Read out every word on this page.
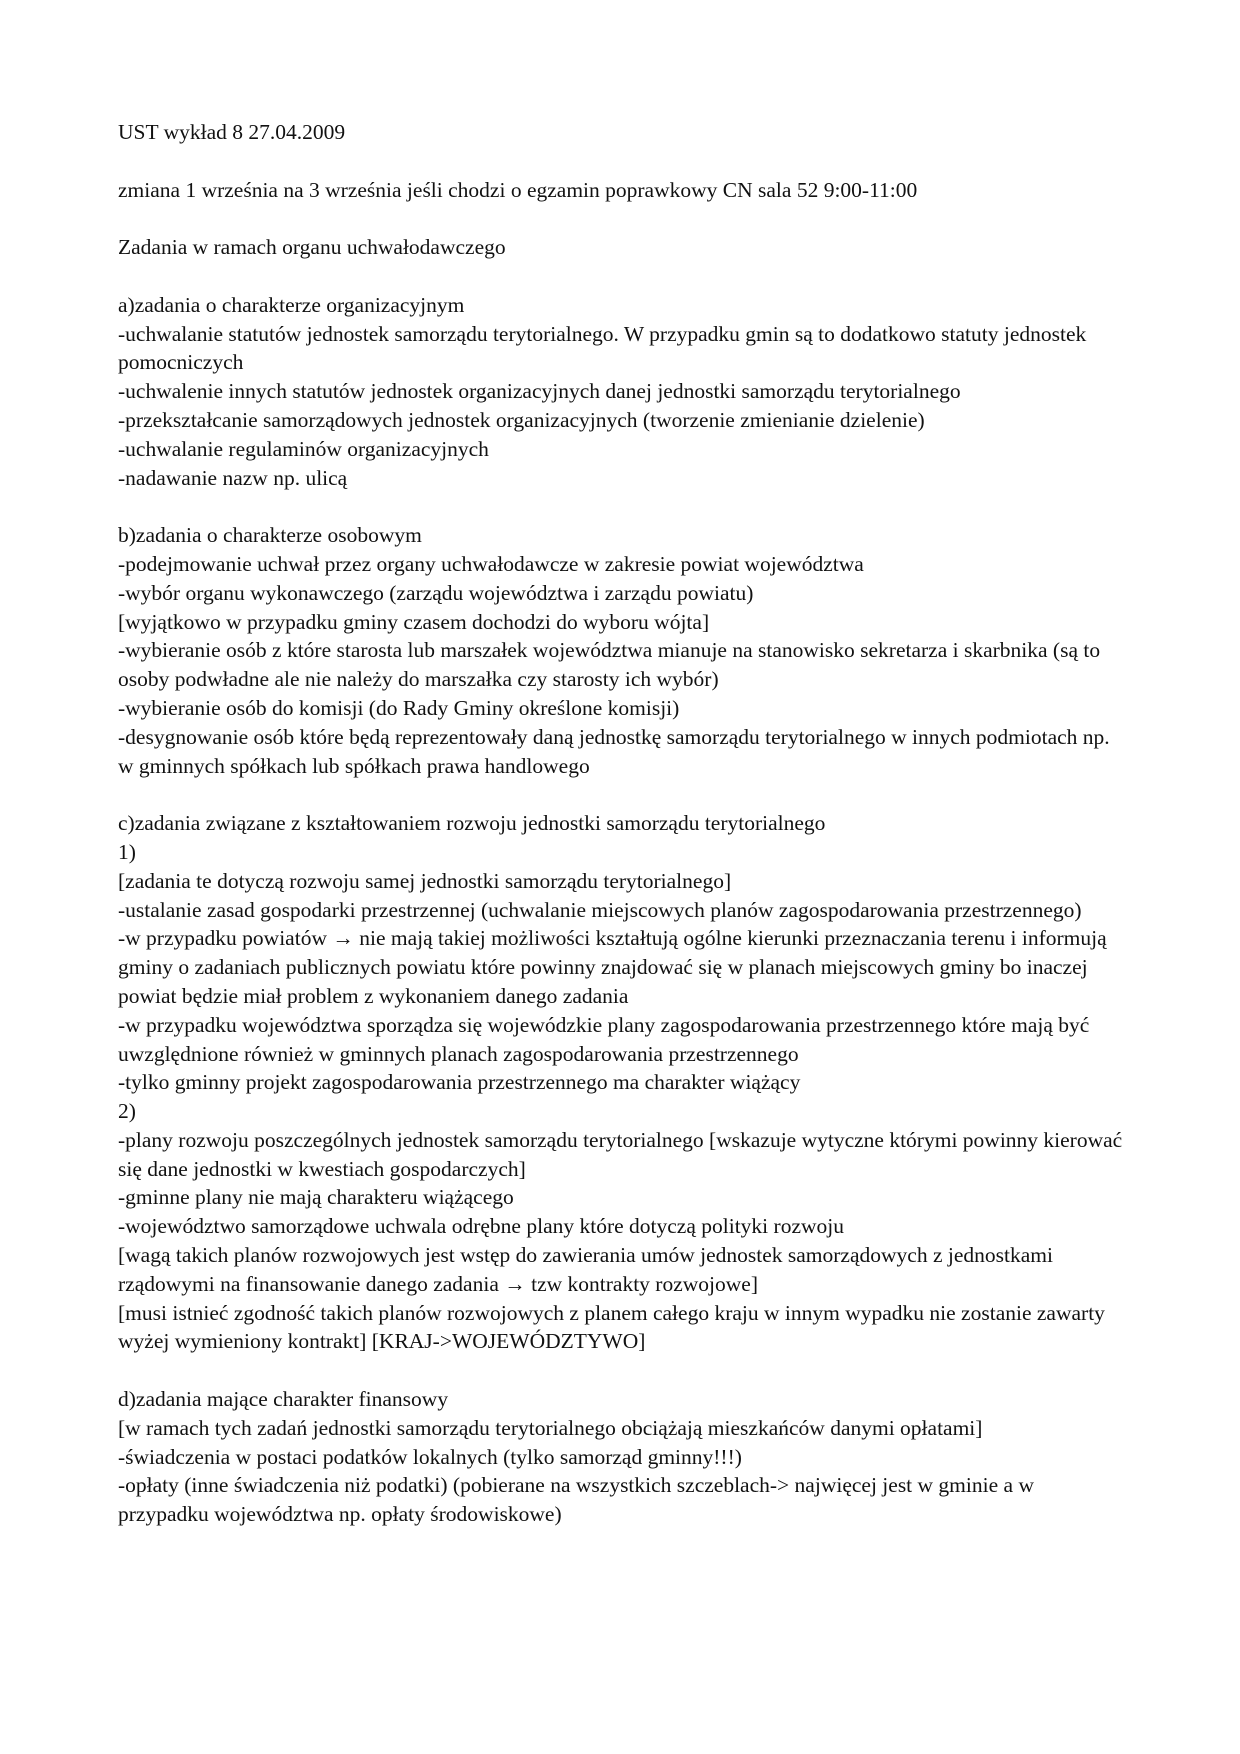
UST wykład 8 27.04.2009

zmiana 1 września na 3 września jeśli chodzi o egzamin poprawkowy CN sala 52 9:00-11:00

Zadania w ramach organu uchwałodawczego

a)zadania o charakterze organizacyjnym
-uchwalanie statutów jednostek samorządu terytorialnego. W przypadku gmin są to dodatkowo statuty jednostek pomocniczych
-uchwalenie innych statutów jednostek organizacyjnych danej jednostki samorządu terytorialnego
-przekształcanie samorządowych jednostek organizacyjnych (tworzenie zmienianie dzielenie)
-uchwalanie regulaminów organizacyjnych
-nadawanie nazw np. ulicą

b)zadania o charakterze osobowym
-podejmowanie uchwał przez organy uchwałodawcze w zakresie powiat województwa
-wybór organu wykonawczego (zarządu województwa i zarządu powiatu)
[wyjątkowo w przypadku gminy czasem dochodzi do wyboru wójta]
-wybieranie osób z które starosta lub marszałek województwa mianuje na stanowisko sekretarza i skarbnika (są to osoby podwładne ale nie należy do marszałka czy starosty ich wybór)
-wybieranie osób do komisji (do Rady Gminy określone komisji)
-desygnowanie osób które będą reprezentowały daną jednostkę samorządu terytorialnego w innych podmiotach np. w gminnych spółkach lub spółkach prawa handlowego

c)zadania związane z kształtowaniem rozwoju jednostki samorządu terytorialnego
1)
[zadania te dotyczą rozwoju samej jednostki samorządu terytorialnego]
-ustalanie zasad gospodarki przestrzennej (uchwalanie miejscowych planów zagospodarowania przestrzennego)
-w przypadku powiatów → nie mają takiej możliwości kształtują ogólne kierunki przeznaczania terenu i informują gminy o zadaniach publicznych powiatu które powinny znajdować się w planach miejscowych gminy bo inaczej powiat będzie miał problem z wykonaniem danego zadania
-w przypadku województwa sporządza się wojewódzkie plany zagospodarowania przestrzennego które mają być uwzględnione również w gminnych planach zagospodarowania przestrzennego
-tylko gminny projekt zagospodarowania przestrzennego ma charakter wiążący
2)
-plany rozwoju poszczególnych jednostek samorządu terytorialnego [wskazuje wytyczne którymi powinny kierować się dane jednostki w kwestiach gospodarczych]
-gminne plany nie mają charakteru wiążącego
-województwo samorządowe uchwala odrębne plany które dotyczą polityki rozwoju
[wagą takich planów rozwojowych jest wstęp do zawierania umów jednostek samorządowych z jednostkami rządowymi na finansowanie danego zadania → tzw kontrakty rozwojowe]
[musi istnieć zgodność takich planów rozwojowych z planem całego kraju w innym wypadku nie zostanie zawarty wyżej wymieniony kontrakt] [KRAJ->WOJEWÓDZTYWO]

d)zadania mające charakter finansowy
[w ramach tych zadań jednostki samorządu terytorialnego obciążają mieszkańców danymi opłatami]
-świadczenia w postaci podatków lokalnych (tylko samorząd gminny!!!)
-opłaty (inne świadczenia niż podatki) (pobierane na wszystkich szczeblach-> najwięcej jest w gminie a w przypadku województwa np. opłaty środowiskowe)
